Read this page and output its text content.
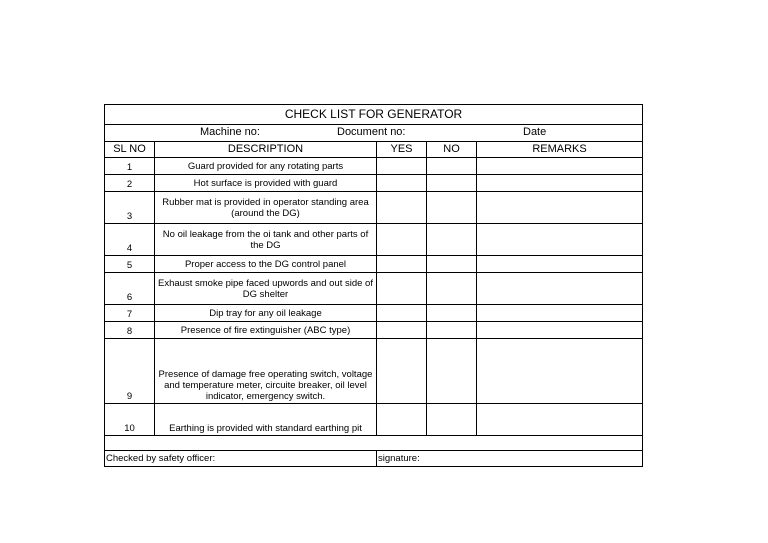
CHECK LIST FOR GENERATOR				

Machine no: Document no: Date				

SL NO	DESCRIPTION	YES	NO	REMARKS
1	Guard provided for any rotating parts			
2	Hot surface is provided with guard			
3	Rubber mat is provided in operator standing area (around the DG)			
4	No oil leakage from the oi tank and other parts of the DG			
5	Proper access to the DG control panel			
6	Exhaust smoke pipe faced upwords and out side of DG shelter			
7	Dip tray for any oil leakage			
8	Presence of fire extinguisher (ABC type)			
9	Presence of damage free operating switch, voltage and temperature meter, circuite breaker, oil level indicator, emergency switch.			
10	Earthing is provided with standard earthing pit			

Checked by safety officer:		signature:		
